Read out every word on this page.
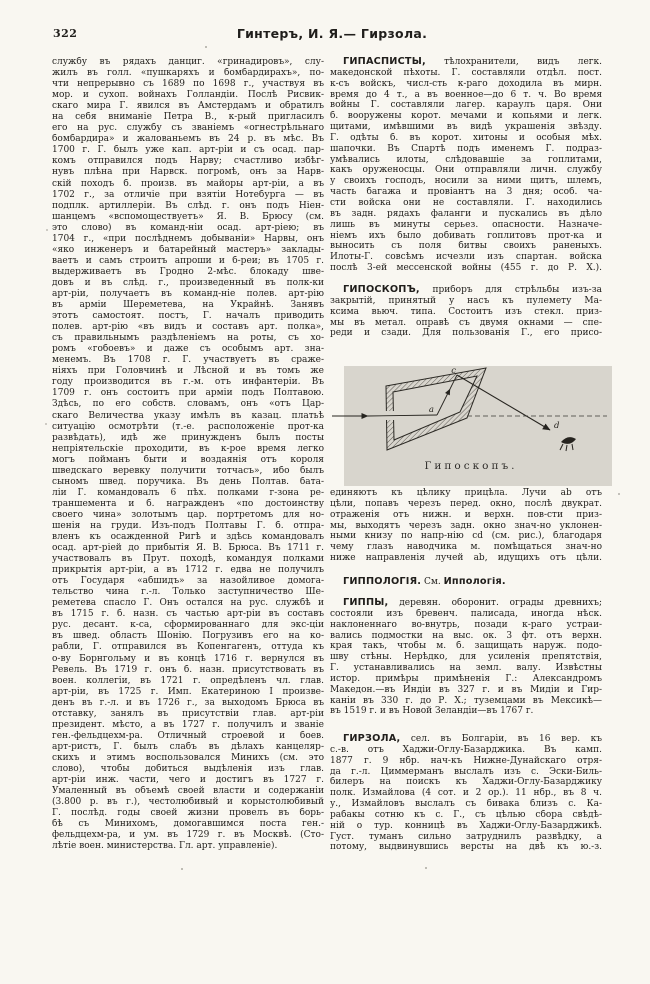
322	Гинтеръ, И. Я.— Гирзола.
службу въ рядахъ данциг. «гринадировъ», слу-
жилъ въ голл. «пушкаряхъ и бомбардирахъ», по-
чти непрерывно съ 1689 по 1698 г., участвуя въ
мор. и сухоп. войнахъ Голландіи. Послѣ Рисвик-
скаго мира Г. явился въ Амстердамъ и обратилъ
на себя вниманіе Петра В., к-рый пригласилъ
его на рус. службу съ званіемъ «огнестрѣльнаго
бомбардира» и жалованьемъ въ 24 р. въ мѣс. Въ
1700 г. Г. былъ уже кап. арт-ріи и съ осад. пар-
комъ отправился подъ Нарву; счастливо избѣг-
нувъ плѣна при Нарвск. погромѣ, онъ за Нарв-
скій походъ б. произв. въ майоры арт-ріи, а въ
1702 г., за отличіе при взятіи Нотебурга — въ
подплк. артиллеріи. Въ слѣд. г. онъ подъ Ніен-
шанцемъ «вспомоществуетъ» Я. В. Брюсу (см.
это слово) въ команд-ніи осад. арт-ріею; въ
1704 г., «при послѣднемъ добываніи» Нарвы, онъ
«яко инженеръ и батарейный мастеръ» заклады-
ваетъ и самъ строитъ апроши и б-реи; въ 1705 г.
выдерживаетъ въ Гродно 2-мѣс. блокаду шве-
довъ и въ слѣд. г., произведенный въ полк-ки
арт-ріи, получаетъ въ команд-ніе полев. арт-рію
въ арміи Шереметева, на Украйнѣ. Занявъ
этотъ самостоят. постъ, Г. началъ приводить
полев. арт-рію «въ видъ и составъ арт. полка»,
съ правильнымъ раздѣленіемъ на роты, съ хо-
ромъ «гобоевъ» и даже съ особымъ арт. зна-
менемъ. Въ 1708 г. Г. участвуетъ въ сраже-
ніяхъ при Головчинѣ и Лѣсной и въ томъ же
году производится въ г.-м. отъ инфантеріи. Въ
1709 г. онъ состоитъ при арміи подъ Полтавою.
Здѣсь, по его собств. словамъ, онъ «отъ Цар-
скаго Величества указу имѣлъ въ казац. платьѣ
ситуацію осмотрѣти (т.-е. расположеніе прот-ка
развѣдать), идѣ же принужденъ былъ посты
непріятельскіе проходити, въ к-рое время легко
могъ пойманъ быти и воздаянія отъ короля
шведскаго веревку получити тотчасъ», ибо былъ
сыномъ швед. поручика. Въ день Полтав. бата-
ліи Г. командовалъ 6 пѣх. полками г-зона ре-
траншемента и б. награжденъ «по достоинству
своего чина» золотымъ цар. портретомъ для но-
шенія на груди. Изъ-подъ Полтавы Г. б. отпра-
вленъ къ осажденной Ригѣ и здѣсь командовалъ
осад. арт-ріей до прибытія Я. В. Брюса. Въ 1711 г.
участвовалъ въ Прут. походѣ, командуя полками
прикрытія арт-ріи, а въ 1712 г. едва не получилъ
отъ Государя «абшидъ» за назойливое домога-
тельство чина г.-л. Только заступничество Ше-
реметева спасло Г. Онъ остался на рус. службѣ и
въ 1715 г. б. назн. съ частью арт-ріи въ составъ
рус. десант. к-са, сформированнаго для экс-ціи
въ швед. область Шонію. Погрузивъ его на ко-
рабли, Г. отправился въ Копенгагенъ, оттуда къ
о-ву Борнгольму и въ концѣ 1716 г. вернулся въ
Ревель. Въ 1719 г. онъ б. назн. присутствовать въ
воен. коллегіи, въ 1721 г. опредѣленъ чл. глав.
арт-ріи, въ 1725 г. Имп. Екатериною I произве-
денъ въ г.-л. и въ 1726 г., за выходомъ Брюса въ
отставку, занялъ въ присутствіи глав. арт-ріи
президент. мѣсто, а въ 1727 г. получилъ и званіе
ген.-фельдцехм-ра. Отличный строевой и боев.
арт-ристъ, Г. былъ слабъ въ дѣлахъ канцеляр-
скихъ и этимъ воспользовался Минихъ (см. это
слово), чтобы добиться выдѣленія изъ глав.
арт-ріи инж. части, чего и достигъ въ 1727 г.
Умаленный въ объемѣ своей власти и содержаніи
(3.800 р. въ г.), честолюбивый и корыстолюбивый
Г. послѣд. годы своей жизни провелъ въ борь-
бѣ съ Минихомъ, домогавшимся поста ген.-
фельдцехм-ра, и ум. въ 1729 г. въ Москвѣ. (Сто-
лѣтіе воен. министерства. Гл. арт. управленіе).
ГИПАСПИСТЫ, тѣлохранители, видъ легк.
македонской пѣхоты. Г. составляли отдѣл. пост.
к-съ войскъ, числ-сть к-раго доходила въ мирн.
время до 4 т., а въ военное—до 6 т. ч. Во время
войны Г. составляли лагер. караулъ царя. Они
б. вооружены корот. мечами и копьями и легк.
щитами, имѣвшими въ видѣ украшенія звѣзду.
Г. одѣты б. въ корот. хитоны и особыя мѣх.
шапочки. Въ Спартѣ подъ именемъ Г. подраз-
умѣвались илоты, слѣдовавшіе за гоплитами,
какъ оруженосцы. Они отправляли личн. службу
у своихъ господъ, носили за ними щитъ, шлемъ,
часть багажа и провіантъ на 3 дня; особ. ча-
сти войска они не составляли. Г. находились
въ задн. рядахъ фаланги и пускались въ дѣло
лишь въ минуты серьез. опасности. Назначе-
ніемъ ихъ было добивать гоплитовъ прот-ка и
выносить съ поля битвы своихъ раненыхъ.
Илоты-Г. совсѣмъ исчезли изъ спартан. войска
послѣ 3-ей мессенской войны (455 г. до Р. Х.).
ГИПОСКОПЪ, приборъ для стрѣльбы изъ-за
закрытій, принятый у насъ къ пулемету Ма-
ксима вьюч. типа. Состоитъ изъ стекл. приз-
мы въ метал. оправѣ съ двумя окнами — спе-
реди и сзади. Для пользованія Г., его присо-
a
c
d
Гипоскопъ.
единяютъ къ цѣлику прицѣла. Лучи ab отъ
цѣли, попавъ черезъ перед. окно, послѣ двукрат.
отраженія отъ нижн. и верхн. пов-сти приз-
мы, выходятъ черезъ задн. окно знач-но уклонен-
ными книзу по напр-нію cd (см. рис.), благодаря
чему глазъ наводчика м. помѣщаться знач-но
ниже направленія лучей ab, идущихъ отъ цѣли.
ГИППОЛОГІЯ. См. Иппологія.
ГИППЫ, деревян. оборонит. ограды древнихъ;
состояли изъ бревенч. палисада, иногда нѣск.
наклоненнаго во-внутрь, позади к-раго устраи-
вались подмостки на выс. ок. 3 фт. отъ верхн.
края такъ, чтобы м. б. защищать наруж. подо-
шву стѣны. Нерѣдко, для усиленія препятствія,
Г. устанавливались на земл. валу. Извѣстны
истор. примѣры примѣненія Г.: Александромъ
Македон.—въ Индіи въ 327 г. и въ Мидіи и Гир-
каніи въ 330 г. до Р. Х.; туземцами въ Мексикѣ—
въ 1519 г. и въ Новой Зеландіи—въ 1767 г.
ГИРЗОЛА, сел. въ Болгаріи, въ 16 вер. къ
с.-в. отъ Хаджи-Оглу-Базарджика. Въ камп.
1877 г. 9 нбр. нач-къ Нижне-Дунайскаго отря-
да г.-л. Циммерманъ выслалъ изъ с. Эски-Биль-
билеръ на поискъ къ Хаджи-Оглу-Базарджику
полк. Измайлова (4 сот. и 2 ор.). 11 нбр., въ 8 ч.
у., Измайловъ выслалъ съ бивака близъ с. Ка-
рабакы сотню къ с. Г., съ цѣлью сбора свѣдѣ-
ній о тур. конницѣ въ Хаджи-Оглу-Базарджикѣ.
Густ. туманъ сильно затруднилъ развѣдку, а
потому, выдвинувшись версты на двѣ къ ю.-з.
